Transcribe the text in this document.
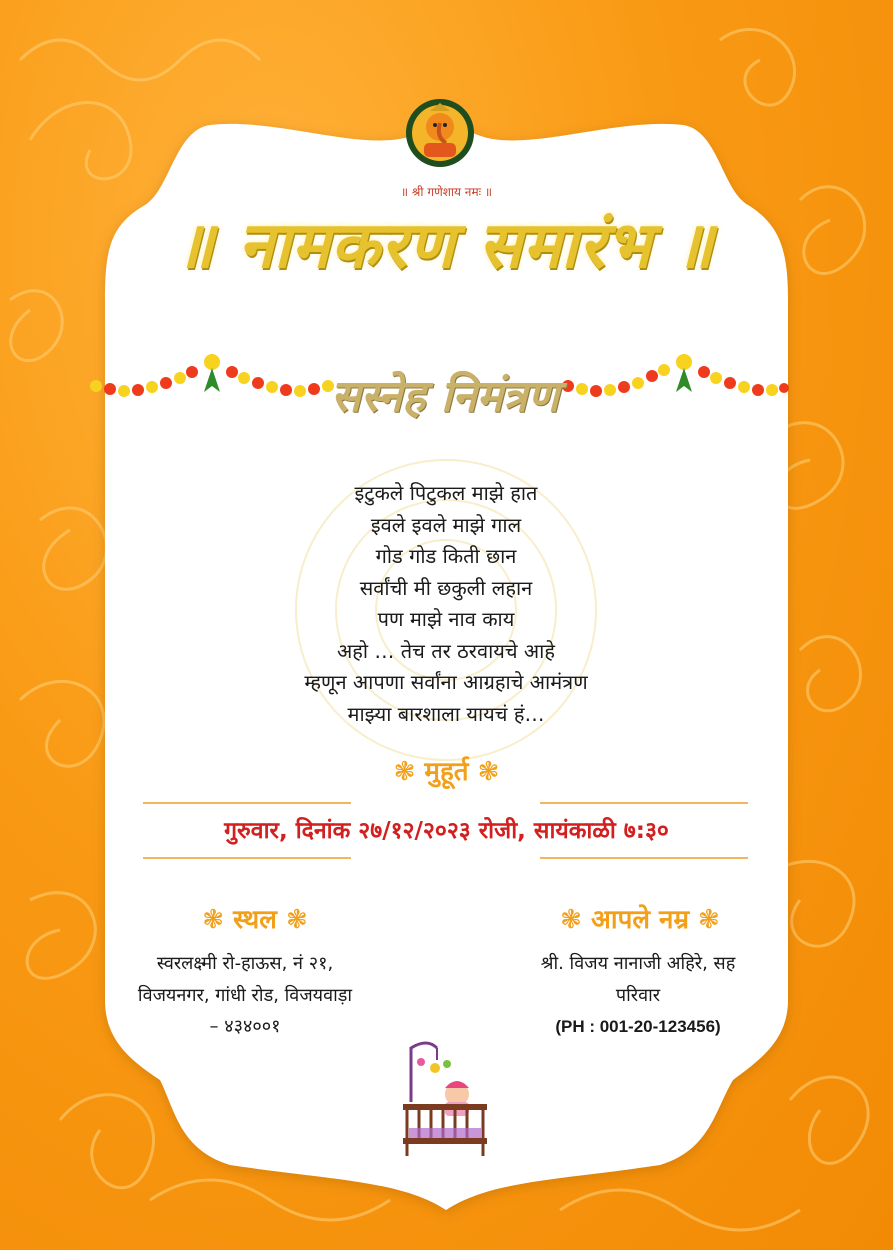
॥ श्री गणेशाय नमः ॥
॥ नामकरण समारंभ ॥
सस्नेह निमंत्रण
इटुकले पिटुकल माझे हात
इवले इवले माझे गाल
गोड गोड किती छान
सर्वांची मी छकुली लहान
पण माझे नाव काय
अहो … तेच तर ठरवायचे आहे
म्हणून आपणा सर्वांना आग्रहाचे आमंत्रण
माझ्या बारशाला यायचं हं…
❃ मुहूर्त ❃
गुरुवार, दिनांक २७/१२/२०२३ रोजी, सायंकाळी ७:३०
❃ स्थल ❃
स्वरलक्ष्मी रो-हाऊस, नं २१,
विजयनगर, गांधी रोड, विजयवाड़ा
– ४३४००१
❃ आपले नम्र ❃
श्री. विजय नानाजी अहिरे, सह
परिवार
(PH : 001-20-123456)
